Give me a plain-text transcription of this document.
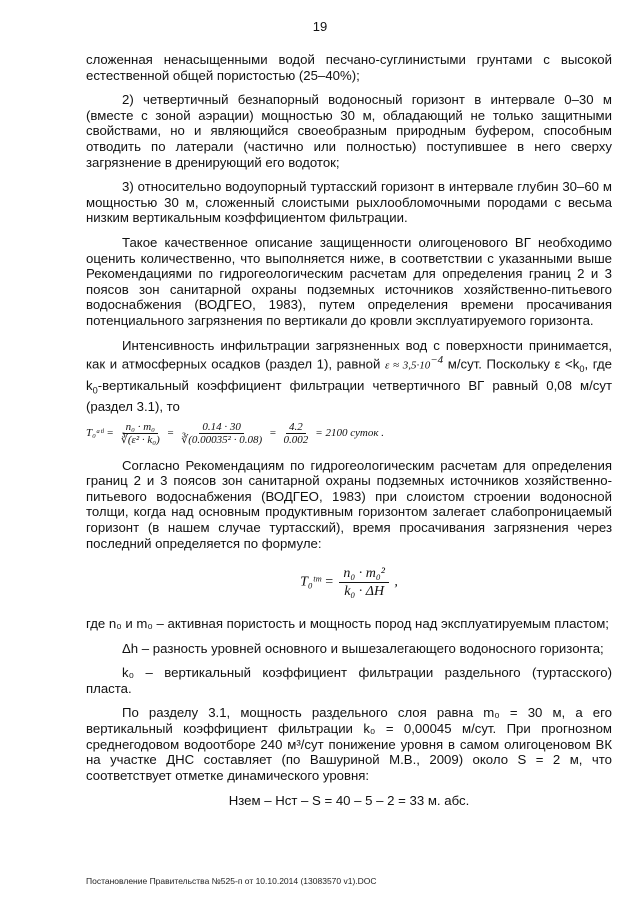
19

сложенная ненасыщенными водой песчано-суглинистыми грунтами с высокой естественной общей пористостью (25–40%);

2) четвертичный безнапорный водоносный горизонт в интервале 0–30 м (вместе с зоной аэрации) мощностью 30 м, обладающий не только защитными свойствами, но и являющийся своеобразным природным буфером, способным отводить по латерали (частично или полностью) поступившее в него сверху загрязнение в дренирующий его водоток;

3) относительно водоупорный туртасский горизонт в интервале глубин 30–60 м мощностью 30 м, сложенный слоистыми рыхлообломочными породами с весьма низким вертикальным коэффициентом фильтрации.

Такое качественное описание защищенности олигоценового ВГ необходимо оценить количественно, что выполняется ниже, в соответствии с указанными выше Рекомендациями по гидрогеологическим расчетам для определения границ 2 и 3 поясов зон санитарной охраны подземных источников хозяйственно-питьевого водоснабжения (ВОДГЕО, 1983), путем определения времени просачивания потенциального загрязнения по вертикали до кровли эксплуатируемого горизонта.

Интенсивность инфильтрации загрязненных вод с поверхности принимается, как и атмосферных осадков (раздел 1), равной $\varepsilon \approx 3,5\cdot 10^{-4}$ м/сут. Поскольку $\varepsilon <k_0$, где $k_0$-вертикальный коэффициент фильтрации четвертичного ВГ равный 0,08 м/сут (раздел 3.1), то

T₀ᵃᵗˡ = $\frac{\text{n₀ · m₀}}{\text{∛(ε² · k₀)}} = \frac{0.14 \cdot 30}{\text{∛(0.00035² · 0.08)}} = \frac{4.2}{0.002} = 2100$ суток .

Согласно Рекомендациям по гидрогеологическим расчетам для определения границ 2 и 3 поясов зон санитарной охраны подземных источников хозяйственно-питьевого водоснабжения (ВОДГЕО, 1983) при слоистом строении водоносной толщи, когда над основным продуктивным горизонтом залегает слабопроницаемый горизонт (в нашем случае туртасский), время просачивания загрязнения через последний определяется по формуле:

T₀ᵗᵐ = $\frac{\text{n₀ · m₀²}}{\text{k₀ · ΔH}}$ ,

где n₀ и m₀ – активная пористость и мощность пород над эксплуатируемым пластом;

Δh – разность уровней основного и вышезалегающего водоносного горизонта;

k₀ – вертикальный коэффициент фильтрации раздельного (туртасского) пласта.

По разделу 3.1, мощность раздельного слоя равна m₀ = 30 м, а его вертикальный коэффициент фильтрации k₀ = 0,00045 м/сут. При прогнозном среднегодовом водоотборе 240 м³/сут понижение уровня в самом олигоценовом ВК на участке ДНС составляет (по Вашуриной М.В., 2009) около S = 2 м, что соответствует отметке динамического уровня:

Hзем – Hст – S = 40 – 5 – 2 = 33 м. абс.
Постановление Правительства №525-п от 10.10.2014 (13083570 v1).DOC
